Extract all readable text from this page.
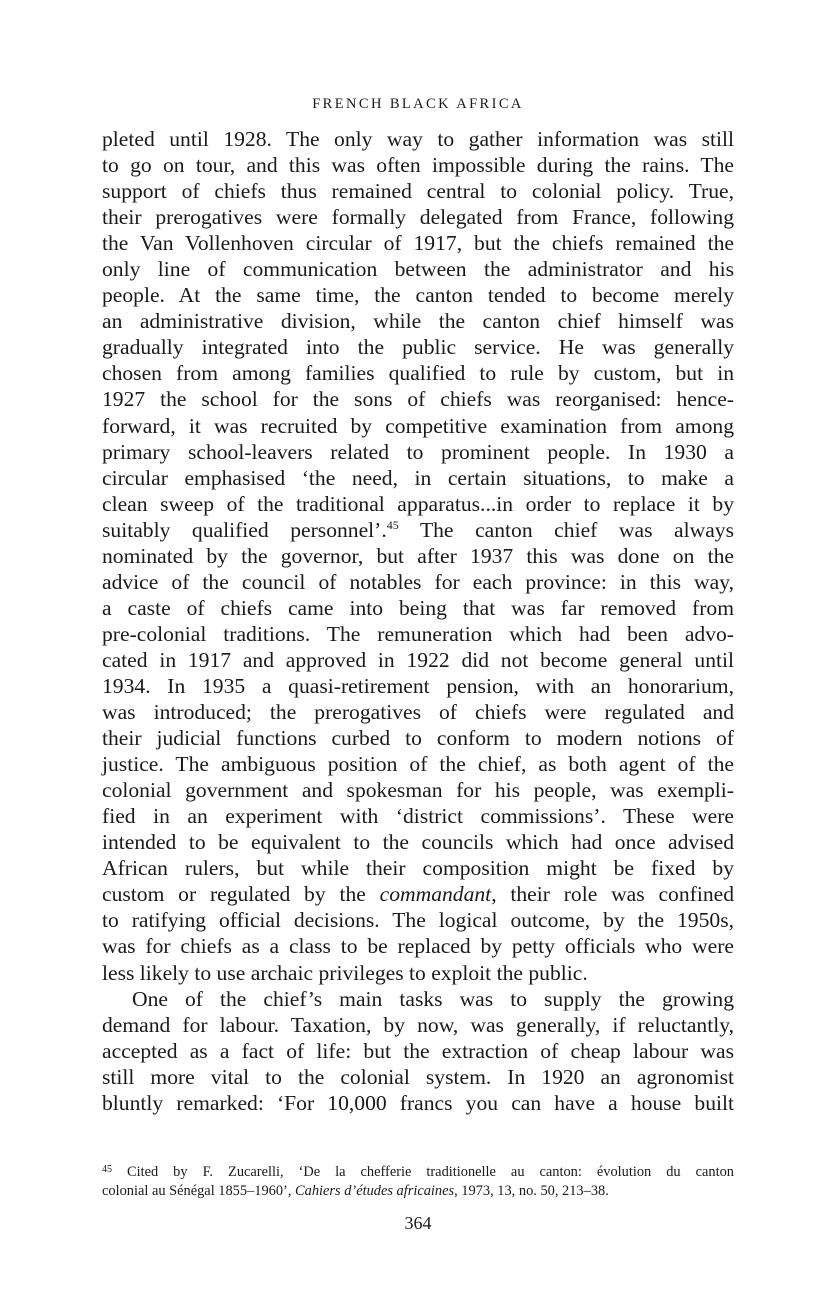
FRENCH BLACK AFRICA
pleted until 1928. The only way to gather information was still
to go on tour, and this was often impossible during the rains. The
support of chiefs thus remained central to colonial policy. True,
their prerogatives were formally delegated from France, following
the Van Vollenhoven circular of 1917, but the chiefs remained the
only line of communication between the administrator and his
people. At the same time, the canton tended to become merely
an administrative division, while the canton chief himself was
gradually integrated into the public service. He was generally
chosen from among families qualified to rule by custom, but in
1927 the school for the sons of chiefs was reorganised: hence-
forward, it was recruited by competitive examination from among
primary school-leavers related to prominent people. In 1930 a
circular emphasised ‘the need, in certain situations, to make a
clean sweep of the traditional apparatus...in order to replace it by
suitably qualified personnel’.$^{45}$ The canton chief was always
nominated by the governor, but after 1937 this was done on the
advice of the council of notables for each province: in this way,
a caste of chiefs came into being that was far removed from
pre-colonial traditions. The remuneration which had been advo-
cated in 1917 and approved in 1922 did not become general until
1934. In 1935 a quasi-retirement pension, with an honorarium,
was introduced; the prerogatives of chiefs were regulated and
their judicial functions curbed to conform to modern notions of
justice. The ambiguous position of the chief, as both agent of the
colonial government and spokesman for his people, was exempli-
fied in an experiment with ‘district commissions’. These were
intended to be equivalent to the councils which had once advised
African rulers, but while their composition might be fixed by
custom or regulated by the commandant, their role was confined
to ratifying official decisions. The logical outcome, by the 1950s,
was for chiefs as a class to be replaced by petty officials who were
less likely to use archaic privileges to exploit the public.
One of the chief’s main tasks was to supply the growing
demand for labour. Taxation, by now, was generally, if reluctantly,
accepted as a fact of life: but the extraction of cheap labour was
still more vital to the colonial system. In 1920 an agronomist
bluntly remarked: ‘For 10,000 francs you can have a house built
$^{45}$ Cited by F. Zucarelli, ‘De la chefferie traditionelle au canton: évolution du canton
colonial au Sénégal 1855–1960’, Cahiers d’études africaines, 1973, 13, no. 50, 213–38.
364
